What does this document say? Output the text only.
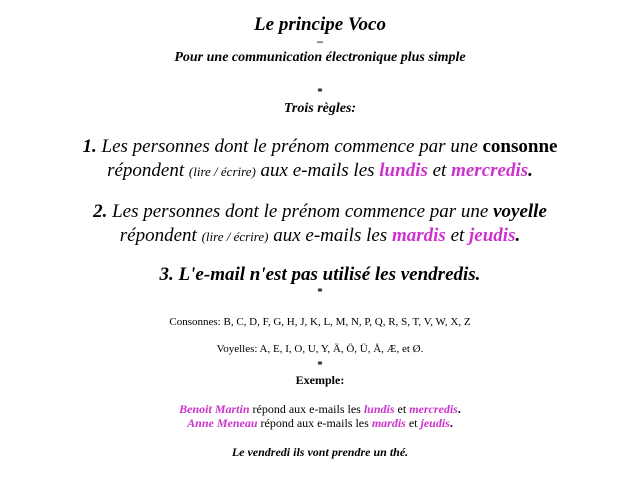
Le principe Voco
–
Pour une communication électronique plus simple
*
Trois règles:
1. Les personnes dont le prénom commence par une consonne
répondent (lire / écrire) aux e-mails les lundis et mercredis.
2. Les personnes dont le prénom commence par une voyelle
répondent (lire / écrire) aux e-mails les mardis et jeudis.
3. L'e-mail n'est pas utilisé les vendredis.
*
Consonnes: B, C, D, F, G, H, J, K, L, M, N, P, Q, R, S, T, V, W, X, Z
Voyelles: A, E, I, O, U, Y, Ä, Ö, Ü, Å, Æ, et Ø.
*
Exemple:
Benoit Martin répond aux e-mails les lundis et mercredis.
Anne Meneau répond aux e-mails les mardis et jeudis.
Le vendredi ils vont prendre un thé.
